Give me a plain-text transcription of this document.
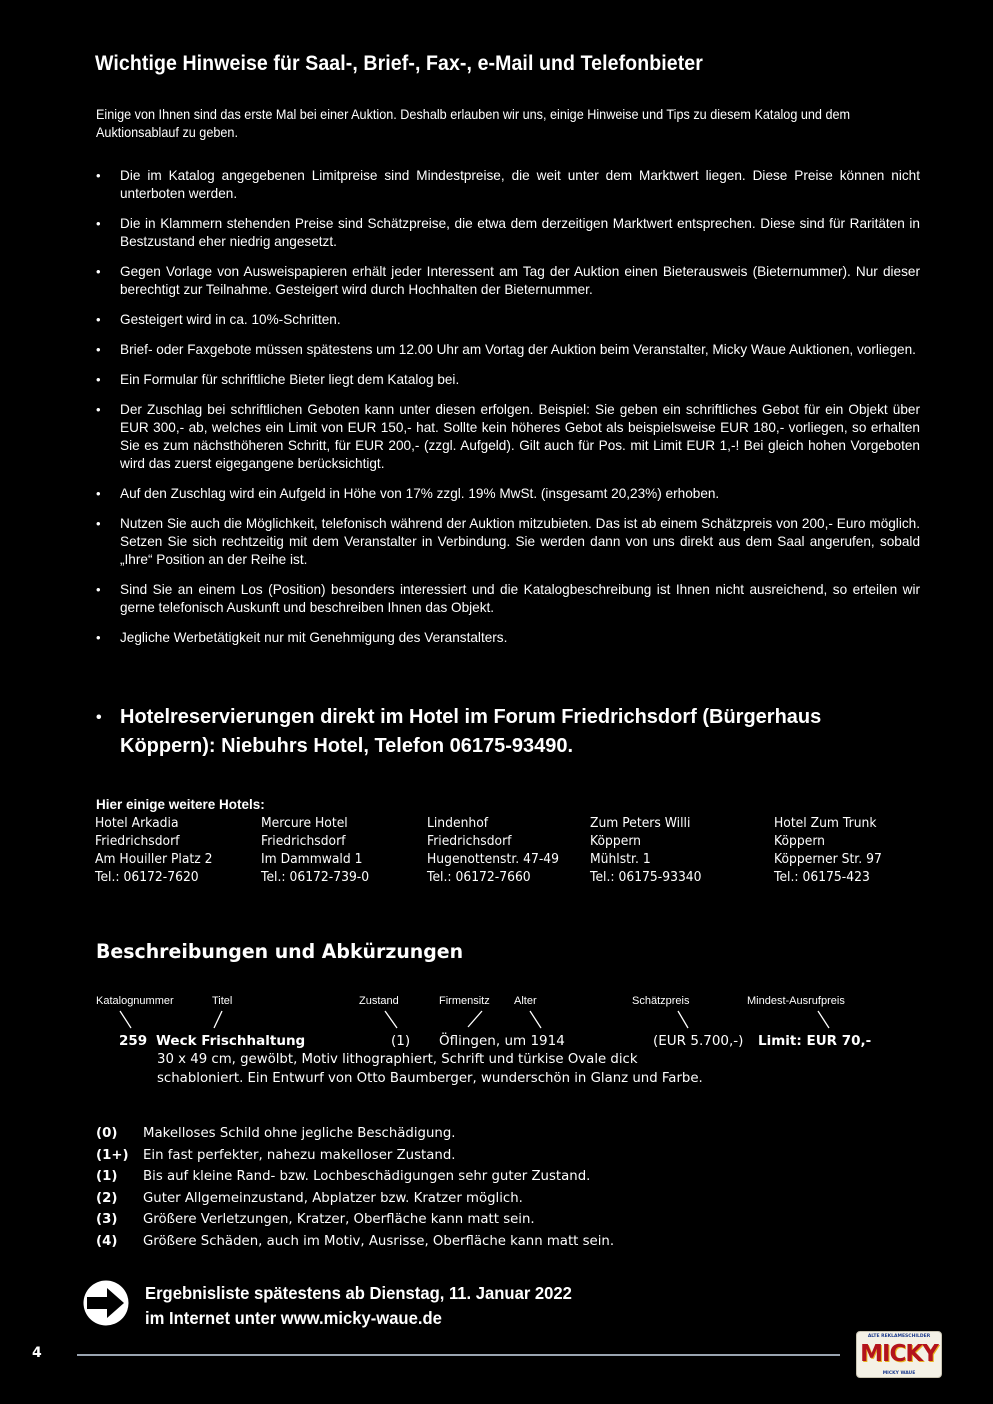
Wichtige Hinweise für Saal-, Brief-, Fax-, e-Mail und Telefonbieter
Einige von Ihnen sind das erste Mal bei einer Auktion. Deshalb erlauben wir uns, einige Hinweise und Tips zu diesem Katalog und dem Auktionsablauf zu geben.
• Die im Katalog angegebenen Limitpreise sind Mindestpreise, die weit unter dem Marktwert liegen. Diese Preise können nicht unterboten werden.
• Die in Klammern stehenden Preise sind Schätzpreise, die etwa dem derzeitigen Marktwert entsprechen. Diese sind für Raritäten in Bestzustand eher niedrig angesetzt.
• Gegen Vorlage von Ausweispapieren erhält jeder Interessent am Tag der Auktion einen Bieterausweis (Bieternummer). Nur dieser berechtigt zur Teilnahme. Gesteigert wird durch Hochhalten der Bieternummer.
• Gesteigert wird in ca. 10%-Schritten.
• Brief- oder Faxgebote müssen spätestens um 12.00 Uhr am Vortag der Auktion beim Veranstalter, Micky Waue Auktionen, vorliegen.
• Ein Formular für schriftliche Bieter liegt dem Katalog bei.
• Der Zuschlag bei schriftlichen Geboten kann unter diesen erfolgen. Beispiel: Sie geben ein schriftliches Gebot für ein Objekt über EUR 300,- ab, welches ein Limit von EUR 150,- hat. Sollte kein höheres Gebot als beispielsweise EUR 180,- vorliegen, so erhalten Sie es zum nächsthöheren Schritt, für EUR 200,- (zzgl. Aufgeld). Gilt auch für Pos. mit Limit EUR 1,-! Bei gleich hohen Vorgeboten wird das zuerst eigegangene berücksichtigt.
• Auf den Zuschlag wird ein Aufgeld in Höhe von 17% zzgl. 19% MwSt. (insgesamt 20,23%) erhoben.
• Nutzen Sie auch die Möglichkeit, telefonisch während der Auktion mitzubieten. Das ist ab einem Schätzpreis von 200,- Euro möglich. Setzen Sie sich rechtzeitig mit dem Veranstalter in Verbindung. Sie werden dann von uns direkt aus dem Saal angerufen, sobald „Ihre“ Position an der Reihe ist.
• Sind Sie an einem Los (Position) besonders interessiert und die Katalogbeschreibung ist Ihnen nicht ausreichend, so erteilen wir gerne telefonisch Auskunft und beschreiben Ihnen das Objekt.
• Jegliche Werbetätigkeit nur mit Genehmigung des Veranstalters.
• Hotelreservierungen direkt im Hotel im Forum Friedrichsdorf (Bürgerhaus Köppern): Niebuhrs Hotel, Telefon 06175-93490.
Hier einige weitere Hotels:
Hotel Arkadia
Friedrichsdorf
Am Houiller Platz 2
Tel.: 06172-7620
Mercure Hotel
Friedrichsdorf
Im Dammwald 1
Tel.: 06172-739-0
Lindenhof
Friedrichsdorf
Hugenottenstr. 47-49
Tel.: 06172-7660
Zum Peters Willi
Köppern
Mühlstr. 1
Tel.: 06175-93340
Hotel Zum Trunk
Köppern
Köpperner Str. 97
Tel.: 06175-423
Beschreibungen und Abkürzungen
Katalognummer	Titel	Zustand	Firmensitz Alter	Schätzpreis	Mindest-Ausrufpreis
259 Weck Frischhaltung	(1) Öflingen, um 1914	(EUR 5.700,-) Limit: EUR 70,-
30 x 49 cm, gewölbt, Motiv lithographiert, Schrift und türkise Ovale dick
schabloniert. Ein Entwurf von Otto Baumberger, wunderschön in Glanz und Farbe.
(0) Makelloses Schild ohne jegliche Beschädigung.
(1+) Ein fast perfekter, nahezu makelloser Zustand.
(1) Bis auf kleine Rand- bzw. Lochbeschädigungen sehr guter Zustand.
(2) Guter Allgemeinzustand, Abplatzer bzw. Kratzer möglich.
(3) Größere Verletzungen, Kratzer, Oberfläche kann matt sein.
(4) Größere Schäden, auch im Motiv, Ausrisse, Oberfläche kann matt sein.
Ergebnisliste spätestens ab Dienstag, 11. Januar 2022
im Internet unter www.micky-waue.de
4
ALTE REKLAMESCHILDER
MICKY
MICKY WAUE
